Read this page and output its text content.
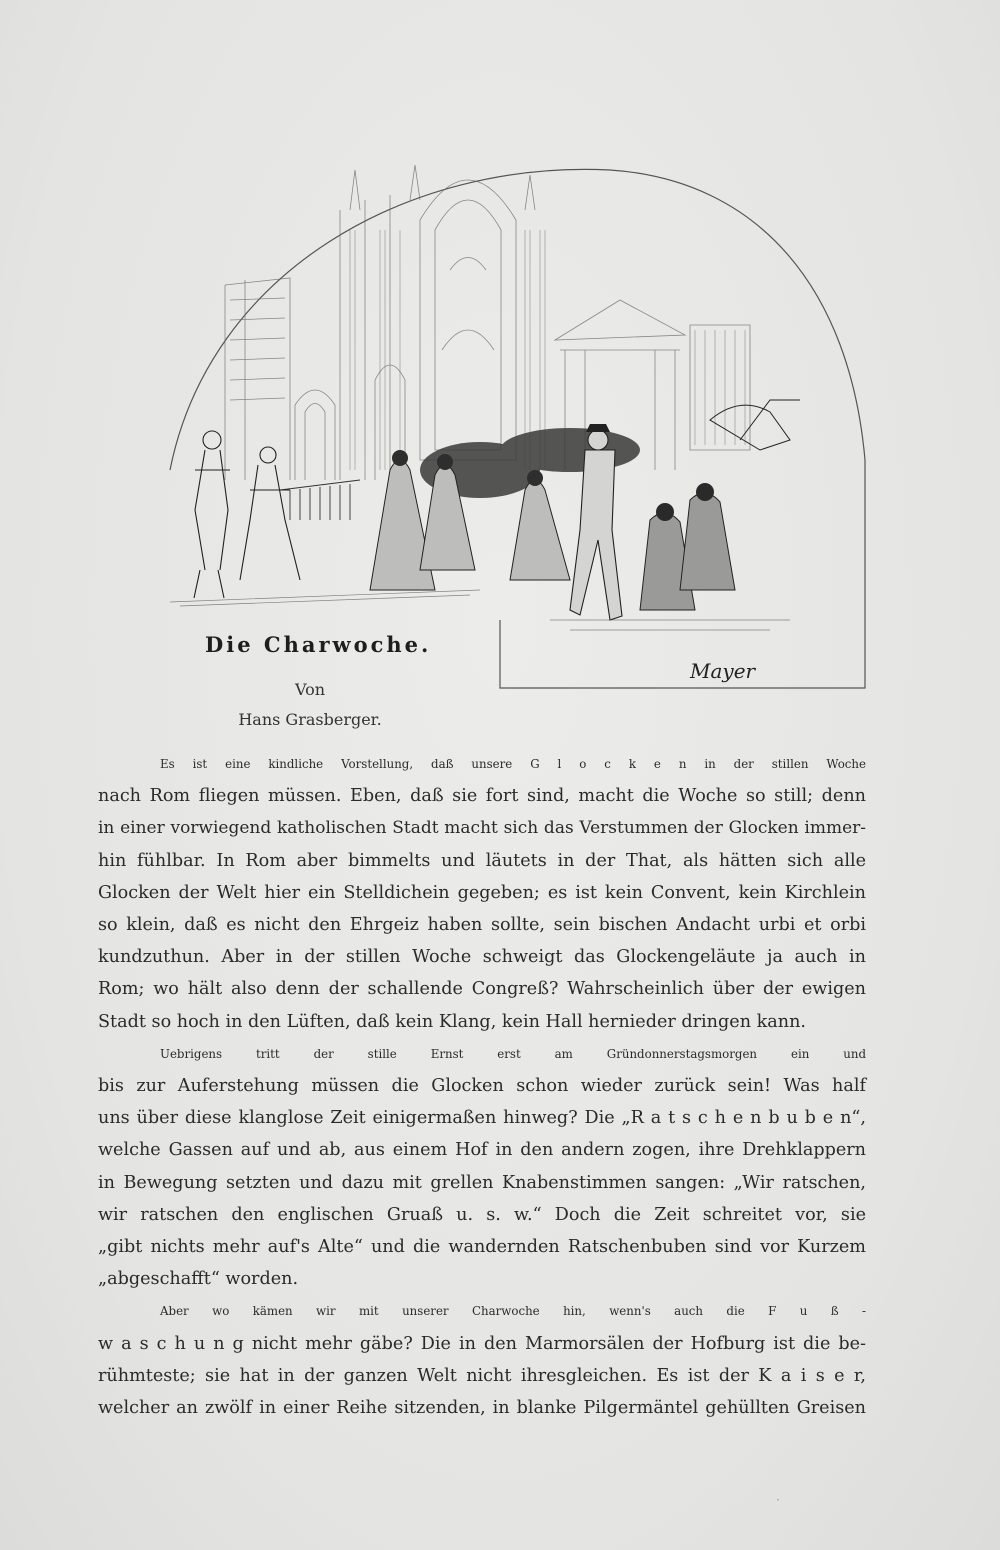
Mayer
Die Charwoche.
Von
Hans Grasberger.

Es ist eine kindliche Vorstellung, daß unsere G l o c k e n in der stillen Woche
nach Rom fliegen müssen. Eben, daß sie fort sind, macht die Woche so still; denn
in einer vorwiegend katholischen Stadt macht sich das Verstummen der Glocken immer-
hin fühlbar. In Rom aber bimmelts und läutets in der That, als hätten sich alle
Glocken der Welt hier ein Stelldichein gegeben; es ist kein Convent, kein Kirchlein
so klein, daß es nicht den Ehrgeiz haben sollte, sein bischen Andacht urbi et orbi
kundzuthun. Aber in der stillen Woche schweigt das Glockengeläute ja auch in
Rom; wo hält also denn der schallende Congreß? Wahrscheinlich über der ewigen
Stadt so hoch in den Lüften, daß kein Klang, kein Hall hernieder dringen kann.

Uebrigens tritt der stille Ernst erst am Gründonnerstagsmorgen ein und
bis zur Auferstehung müssen die Glocken schon wieder zurück sein! Was half
uns über diese klanglose Zeit einigermaßen hinweg? Die „R a t s c h e n b u b e n“,
welche Gassen auf und ab, aus einem Hof in den andern zogen, ihre Drehklappern
in Bewegung setzten und dazu mit grellen Knabenstimmen sangen: „Wir ratschen,
wir ratschen den englischen Gruaß u. s. w.“ Doch die Zeit schreitet vor, sie
„gibt nichts mehr auf's Alte“ und die wandernden Ratschenbuben sind vor Kurzem
„abgeschafft“ worden.

Aber wo kämen wir mit unserer Charwoche hin, wenn's auch die F u ß -
w a s c h u n g nicht mehr gäbe? Die in den Marmorsälen der Hofburg ist die be-
rühmteste; sie hat in der ganzen Welt nicht ihresgleichen. Es ist der K a i s e r,
welcher an zwölf in einer Reihe sitzenden, in blanke Pilgermäntel gehüllten Greisen

·
